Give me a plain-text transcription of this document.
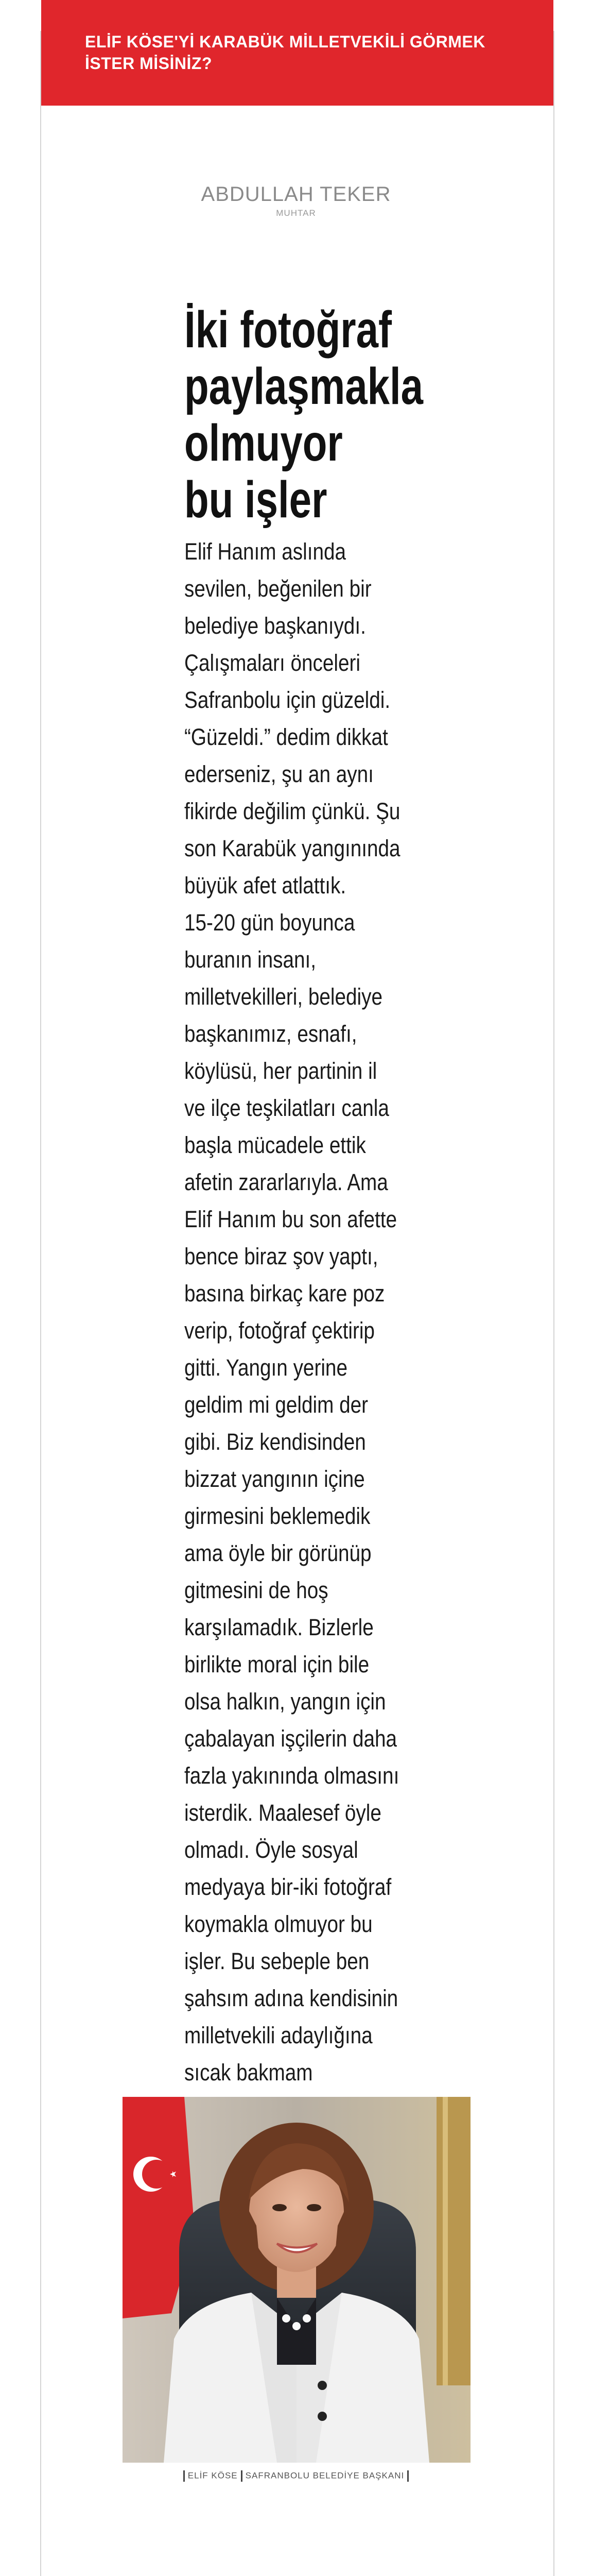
ELİF KÖSE'Yİ KARABÜK MİLLETVEKİLİ GÖRMEK
İSTER MİSİNİZ?
ABDULLAH TEKER
MUHTAR
İki fotoğraf
paylaşmakla
olmuyor
bu işler
Elif Hanım aslında
sevilen, beğenilen bir
belediye başkanıydı.
Çalışmaları önceleri
Safranbolu için güzeldi.
“Güzeldi.” dedim dikkat
ederseniz, şu an aynı
fikirde değilim çünkü. Şu
son Karabük yangınında
büyük afet atlattık.
15-20 gün boyunca
buranın insanı,
milletvekilleri, belediye
başkanımız, esnafı,
köylüsü, her partinin il
ve ilçe teşkilatları canla
başla mücadele ettik
afetin zararlarıyla. Ama
Elif Hanım bu son afette
bence biraz şov yaptı,
basına birkaç kare poz
verip, fotoğraf çektirip
gitti. Yangın yerine
geldim mi geldim der
gibi. Biz kendisinden
bizzat yangının içine
girmesini beklemedik
ama öyle bir görünüp
gitmesini de hoş
karşılamadık. Bizlerle
birlikte moral için bile
olsa halkın, yangın için
çabalayan işçilerin daha
fazla yakınında olmasını
isterdik. Maalesef öyle
olmadı. Öyle sosyal
medyaya bir-iki fotoğraf
koymakla olmuyor bu
işler. Bu sebeple ben
şahsım adına kendisinin
milletvekili adaylığına
sıcak bakmam
ELİF KÖSE SAFRANBOLU BELEDİYE BAŞKANI
